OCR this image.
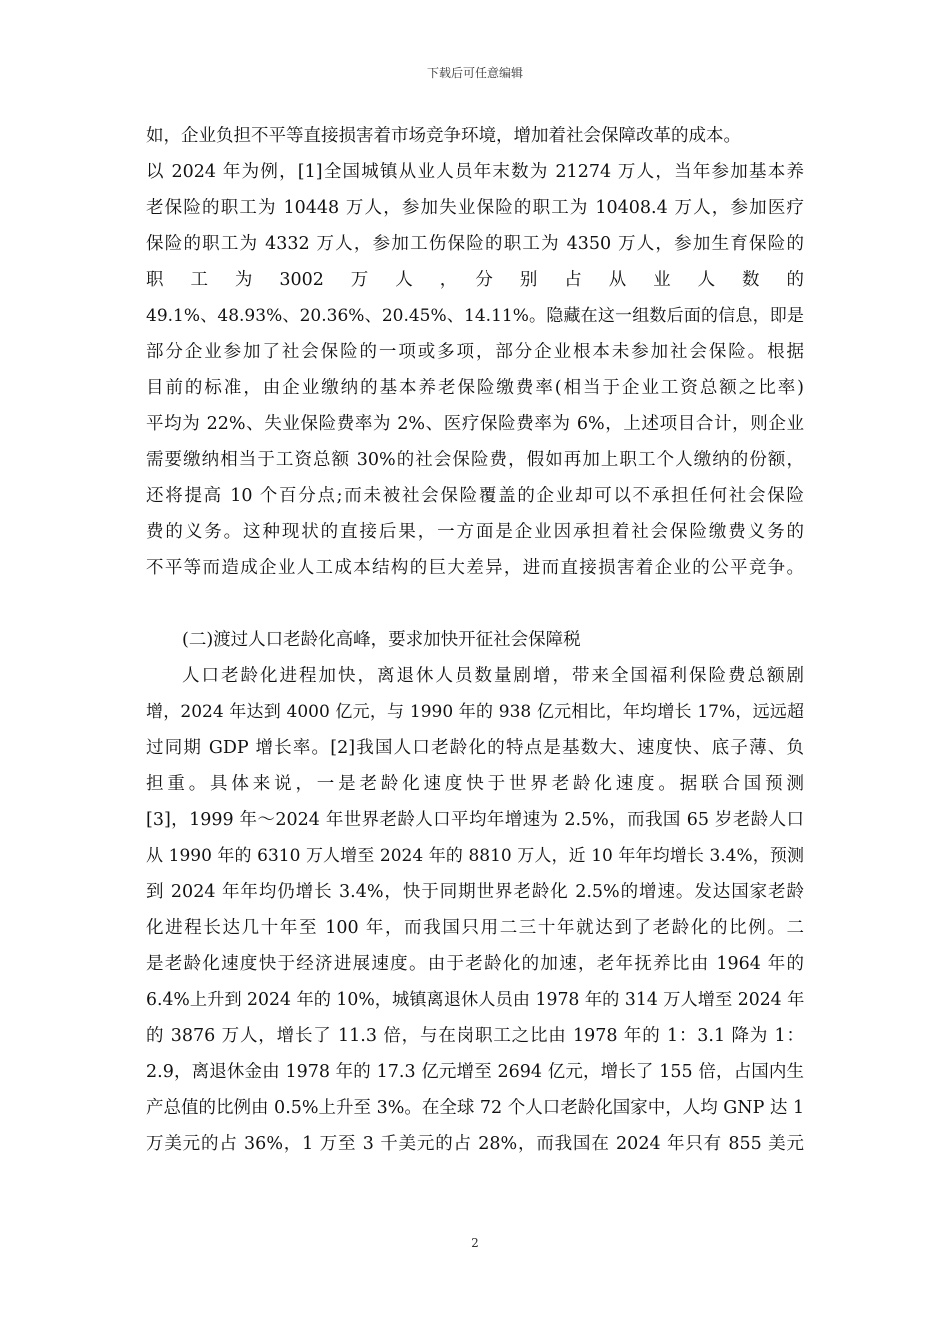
下载后可任意编辑
如，企业负担不平等直接损害着市场竞争环境，增加着社会保障改革的成本。
以 2024 年为例，[1]全国城镇从业人员年末数为 21274 万人，当年参加基本养
老保险的职工为 10448 万人，参加失业保险的职工为 10408.4 万人，参加医疗
保险的职工为 4332 万人，参加工伤保险的职工为 4350 万人，参加生育保险的
职　工　为　3002　万　人　，　分　别　占　从　业　人　数　的
49.1%、48.93%、20.36%、20.45%、14.11%。隐藏在这一组数后面的信息，即是
部分企业参加了社会保险的一项或多项，部分企业根本未参加社会保险。根据
目前的标准，由企业缴纳的基本养老保险缴费率(相当于企业工资总额之比率)
平均为 22%、失业保险费率为 2%、医疗保险费率为 6%，上述项目合计，则企业
需要缴纳相当于工资总额 30%的社会保险费，假如再加上职工个人缴纳的份额，
还将提高 10 个百分点;而未被社会保险覆盖的企业却可以不承担任何社会保险
费的义务。这种现状的直接后果，一方面是企业因承担着社会保险缴费义务的
不平等而造成企业人工成本结构的巨大差异，进而直接损害着企业的公平竞争。
(二)渡过人口老龄化高峰，要求加快开征社会保障税
人口老龄化进程加快，离退休人员数量剧增，带来全国福利保险费总额剧
增，2024 年达到 4000 亿元，与 1990 年的 938 亿元相比，年均增长 17%，远远超
过同期 GDP 增长率。[2]我国人口老龄化的特点是基数大、速度快、底子薄、负
担重。具体来说，一是老龄化速度快于世界老龄化速度。据联合国预测
[3]，1999 年～2024 年世界老龄人口平均年增速为 2.5%，而我国 65 岁老龄人口
从 1990 年的 6310 万人增至 2024 年的 8810 万人，近 10 年年均增长 3.4%，预测
到 2024 年年均仍增长 3.4%，快于同期世界老龄化 2.5%的增速。发达国家老龄
化进程长达几十年至 100 年，而我国只用二三十年就达到了老龄化的比例。二
是老龄化速度快于经济进展速度。由于老龄化的加速，老年抚养比由 1964 年的
6.4%上升到 2024 年的 10%，城镇离退休人员由 1978 年的 314 万人增至 2024 年
的 3876 万人，增长了 11.3 倍，与在岗职工之比由 1978 年的 1：3.1 降为 1：
2.9，离退休金由 1978 年的 17.3 亿元增至 2694 亿元，增长了 155 倍，占国内生
产总值的比例由 0.5%上升至 3%。在全球 72 个人口老龄化国家中，人均 GNP 达 1
万美元的占 36%，1 万至 3 千美元的占 28%，而我国在 2024 年只有 855 美元
2
